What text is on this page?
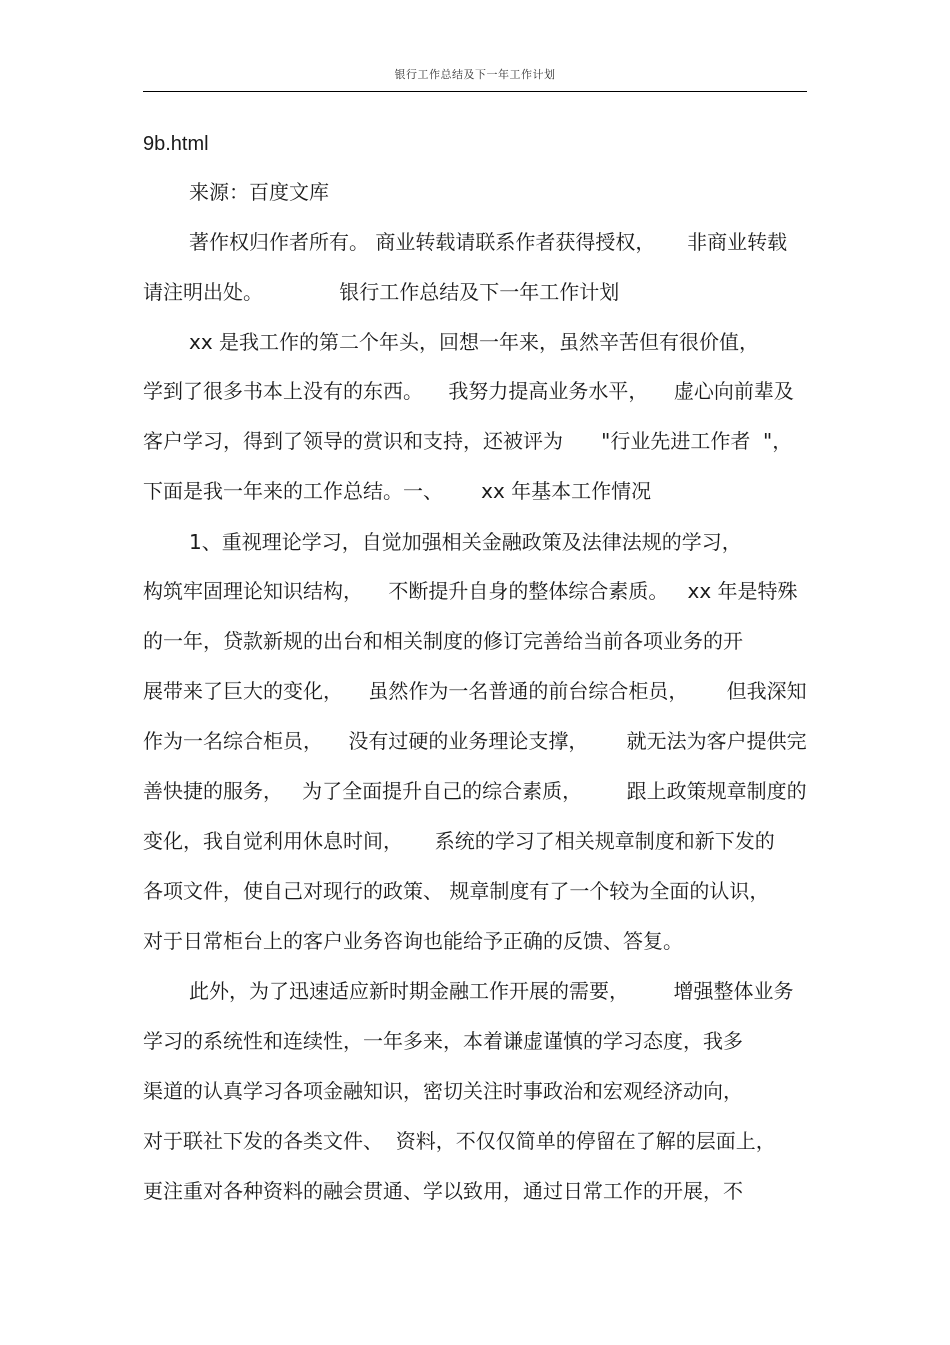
银行工作总结及下一年工作计划
9b.html
来源：百度文库
著作权归作者所有。 商业转载请联系作者获得授权，     非商业转载
请注明出处。            银行工作总结及下一年工作计划
xx 是我工作的第二个年头，回想一年来，虽然辛苦但有很价值，
学到了很多书本上没有的东西。    我努力提高业务水平，    虚心向前辈及
客户学习，得到了领导的赏识和支持，还被评为      "行业先进工作者  "，
下面是我一年来的工作总结。一、      xx 年基本工作情况
1、重视理论学习，自觉加强相关金融政策及法律法规的学习，
构筑牢固理论知识结构，    不断提升自身的整体综合素质。   xx 年是特殊
的一年，贷款新规的出台和相关制度的修订完善给当前各项业务的开
展带来了巨大的变化，    虽然作为一名普通的前台综合柜员，      但我深知
作为一名综合柜员，    没有过硬的业务理论支撑，      就无法为客户提供完
善快捷的服务，   为了全面提升自己的综合素质，       跟上政策规章制度的
变化，我自觉利用休息时间，     系统的学习了相关规章制度和新下发的
各项文件，使自己对现行的政策、 规章制度有了一个较为全面的认识，
对于日常柜台上的客户业务咨询也能给予正确的反馈、答复。
此外，为了迅速适应新时期金融工作开展的需要，       增强整体业务
学习的系统性和连续性，一年多来，本着谦虚谨慎的学习态度，我多
渠道的认真学习各项金融知识，密切关注时事政治和宏观经济动向，
对于联社下发的各类文件、  资料，不仅仅简单的停留在了解的层面上，
更注重对各种资料的融会贯通、学以致用，通过日常工作的开展，不
